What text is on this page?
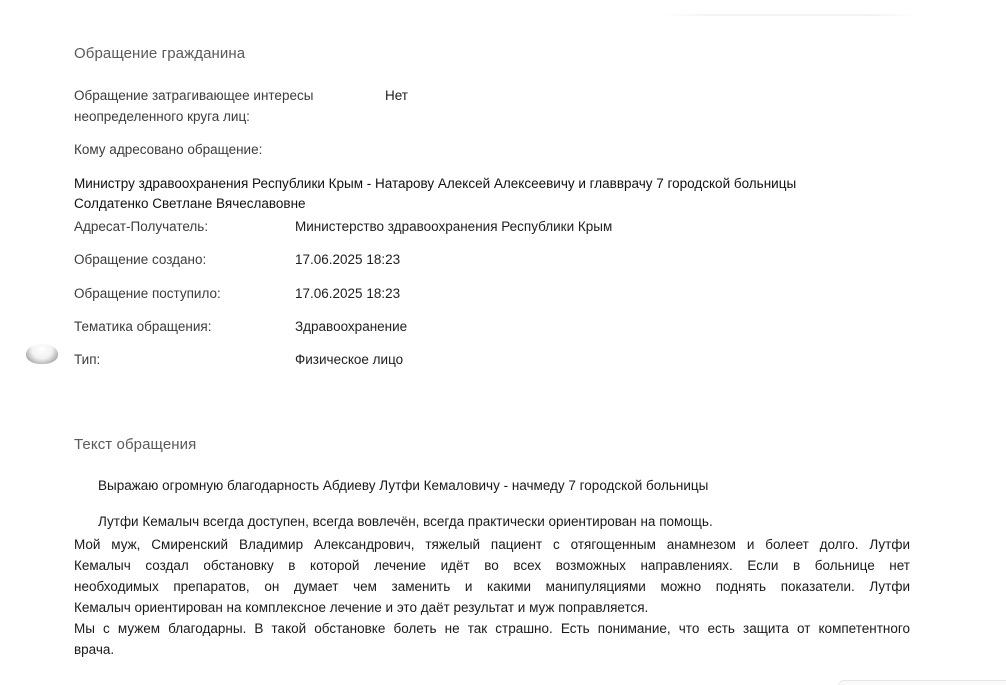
Обращение гражданина
Обращение затрагивающее интересы
неопределенного круга лиц:
Нет
Кому адресовано обращение:
Министру здравоохранения Республики Крым - Натарову Алексей Алексеевичу и главврачу 7 городской больницы
Солдатенко Светлане Вячеславовне
Адресат-Получатель:	Министерство здравоохранения Республики Крым
Обращение создано:	17.06.2025 18:23
Обращение поступило:	17.06.2025 18:23
Тематика обращения:	Здравоохранение
Тип:	Физическое лицо
Текст обращения
Выражаю огромную благодарность Абдиеву Лутфи Кемаловичу - начмеду 7 городской больницы
Лутфи Кемалыч всегда доступен, всегда вовлечён, всегда практически ориентирован на помощь.
Мой муж, Смиренский Владимир Александрович, тяжелый пациент с отягощенным анамнезом и болеет долго. Лутфи
Кемалыч создал обстановку в которой лечение идёт во всех возможных направлениях. Если в больнице нет
необходимых препаратов, он думает чем заменить и какими манипуляциями можно поднять показатели. Лутфи
Кемалыч ориентирован на комплексное лечение и это даёт результат и муж поправляется.
Мы с мужем благодарны. В такой обстановке болеть не так страшно. Есть понимание, что есть защита от компетентного
врача.
